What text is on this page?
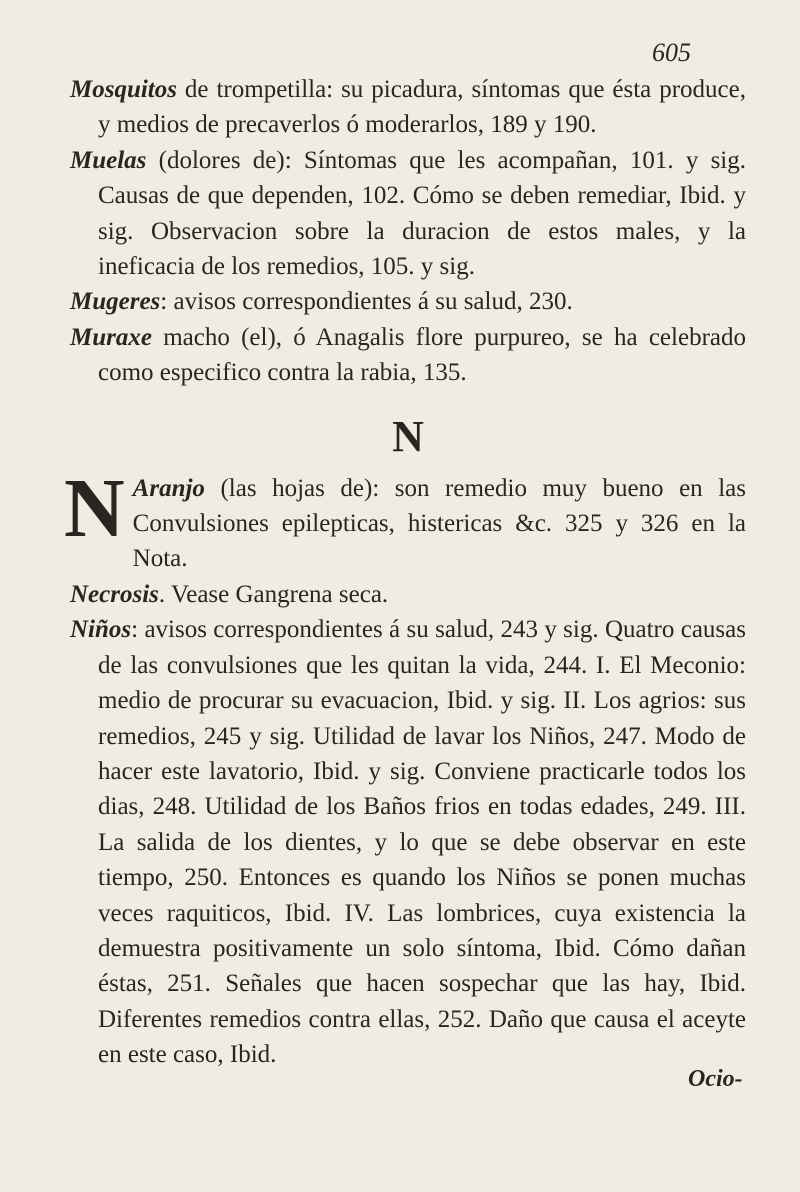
605

Mosquitos de trompetilla: su picadura, síntomas que ésta produce, y medios de precaverlos ó moderarlos, 189 y 190.

Muelas (dolores de): Síntomas que les acompañan, 101. y sig. Causas de que dependen, 102. Cómo se deben remediar, Ibid. y sig. Observacion sobre la duracion de estos males, y la ineficacia de los remedios, 105. y sig.

Mugeres: avisos correspondientes á su salud, 230.

Muraxe macho (el), ó Anagalis flore purpureo, se ha celebrado como especifico contra la rabia, 135.

N

N Aranjo (las hojas de): son remedio muy bueno en las Convulsiones epilepticas, histericas &c. 325 y 326 en la Nota.

Necrosis. Vease Gangrena seca.

Niños: avisos correspondientes á su salud, 243 y sig. Quatro causas de las convulsiones que les quitan la vida, 244. I. El Meconio: medio de procurar su evacuacion, Ibid. y sig. II. Los agrios: sus remedios, 245 y sig. Utilidad de lavar los Niños, 247. Modo de hacer este lavatorio, Ibid. y sig. Conviene practicarle todos los dias, 248. Utilidad de los Baños frios en todas edades, 249. III. La salida de los dientes, y lo que se debe observar en este tiempo, 250. Entonces es quando los Niños se ponen muchas veces raquiticos, Ibid. IV. Las lombrices, cuya existencia la demuestra positivamente un solo síntoma, Ibid. Cómo dañan éstas, 251. Señales que hacen sospechar que las hay, Ibid. Diferentes remedios contra ellas, 252. Daño que causa el aceyte en este caso, Ibid.

Ocio-
